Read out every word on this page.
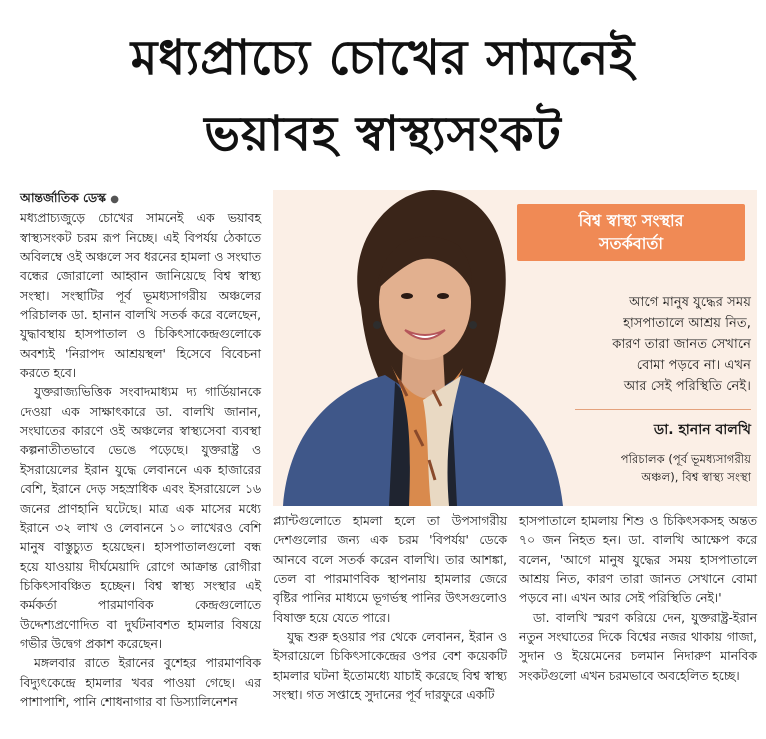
মধ্যপ্রাচ্যে চোখের সামনেই
ভয়াবহ স্বাস্থ্যসংকট
আন্তর্জাতিক ডেস্ক ●

মধ্যপ্রাচ্যজুড়ে চোখের সামনেই এক ভয়াবহ স্বাস্থ্যসংকট চরম রূপ নিচ্ছে। এই বিপর্যয় ঠেকাতে অবিলম্বে ওই অঞ্চলে সব ধরনের হামলা ও সংঘাত বন্ধের জোরালো আহ্বান জানিয়েছে বিশ্ব স্বাস্থ্য সংস্থা। সংস্থাটির পূর্ব ভূমধ্যসাগরীয় অঞ্চলের পরিচালক ডা. হানান বালখি সতর্ক করে বলেছেন, যুদ্ধাবস্থায় হাসপাতাল ও চিকিৎসাকেন্দ্রগুলোকে অবশ্যই 'নিরাপদ আশ্রয়স্থল' হিসেবে বিবেচনা করতে হবে।

যুক্তরাজ্যভিত্তিক সংবাদমাধ্যম দ্য গার্ডিয়ানকে দেওয়া এক সাক্ষাৎকারে ডা. বালখি জানান, সংঘাতের কারণে ওই অঞ্চলের স্বাস্থ্যসেবা ব্যবস্থা কল্পনাতীতভাবে ভেঙে পড়েছে। যুক্তরাষ্ট্র ও ইসরায়েলের ইরান যুদ্ধে লেবাননে এক হাজারের বেশি, ইরানে দেড় সহস্রাধিক এবং ইসরায়েলে ১৬ জনের প্রাণহানি ঘটেছে। মাত্র এক মাসের মধ্যে ইরানে ৩২ লাখ ও লেবাননে ১০ লাখেরও বেশি মানুষ বাস্তুচ্যুত হয়েছেন। হাসপাতালগুলো বন্ধ হয়ে যাওয়ায় দীর্ঘমেয়াদি রোগে আক্রান্ত রোগীরা চিকিৎসাবঞ্চিত হচ্ছেন। বিশ্ব স্বাস্থ্য সংস্থার এই কর্মকর্তা পারমাণবিক কেন্দ্রগুলোতে উদ্দেশ্যপ্রণোদিত বা দুর্ঘটনাবশত হামলার বিষয়ে গভীর উদ্বেগ প্রকাশ করেছেন।

মঙ্গলবার রাতে ইরানের বুশেহর পারমাণবিক বিদ্যুৎকেন্দ্রে হামলার খবর পাওয়া গেছে। এর পাশাপাশি, পানি শোধনাগার বা ডিস্যালিনেশন

বিশ্ব স্বাস্থ্য সংস্থার
সতর্কবার্তা
আগে মানুষ যুদ্ধের সময়
হাসপাতালে আশ্রয় নিত,
কারণ তারা জানত সেখানে
বোমা পড়বে না। এখন
আর সেই পরিস্থিতি নেই।
ডা. হানান বালখি
পরিচালক (পূর্ব ভূমধ্যসাগরীয়
অঞ্চল), বিশ্ব স্বাস্থ্য সংস্থা

প্ল্যান্টগুলোতে হামলা হলে তা উপসাগরীয় দেশগুলোর জন্য এক চরম 'বিপর্যয়' ডেকে আনবে বলে সতর্ক করেন বালখি। তার আশঙ্কা, তেল বা পারমাণবিক স্থাপনায় হামলার জেরে বৃষ্টির পানির মাধ্যমে ভূগর্ভস্থ পানির উৎসগুলোও বিষাক্ত হয়ে যেতে পারে।

যুদ্ধ শুরু হওয়ার পর থেকে লেবানন, ইরান ও ইসরায়েলে চিকিৎসাকেন্দ্রের ওপর বেশ কয়েকটি হামলার ঘটনা ইতোমধ্যে যাচাই করেছে বিশ্ব স্বাস্থ্য সংস্থা। গত সপ্তাহে সুদানের পূর্ব দারফুরে একটি

হাসপাতালে হামলায় শিশু ও চিকিৎসকসহ অন্তত ৭০ জন নিহত হন। ডা. বালখি আক্ষেপ করে বলেন, 'আগে মানুষ যুদ্ধের সময় হাসপাতালে আশ্রয় নিত, কারণ তারা জানত সেখানে বোমা পড়বে না। এখন আর সেই পরিস্থিতি নেই।'

ডা. বালখি স্মরণ করিয়ে দেন, যুক্তরাষ্ট্র-ইরান নতুন সংঘাতের দিকে বিশ্বের নজর থাকায় গাজা, সুদান ও ইয়েমেনের চলমান নিদারুণ মানবিক সংকটগুলো এখন চরমভাবে অবহেলিত হচ্ছে।
